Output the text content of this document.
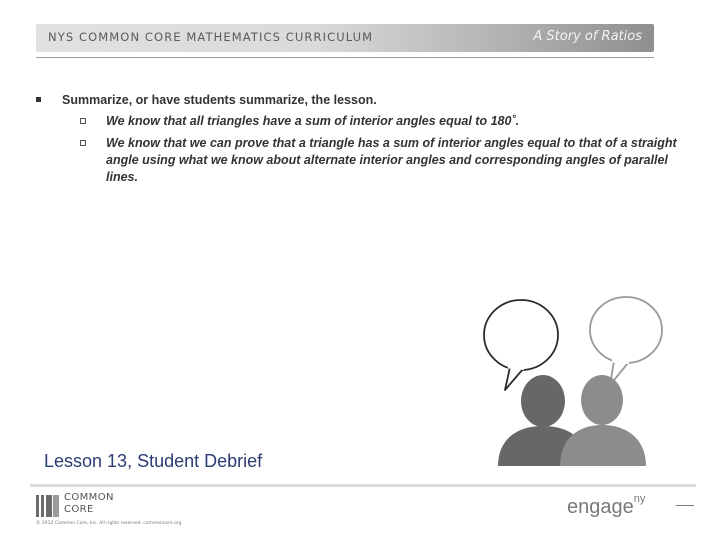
NYS COMMON CORE MATHEMATICS CURRICULUM	A Story of Ratios
Summarize, or have students summarize, the lesson.
We know that all triangles have a sum of interior angles equal to 180˚.
We know that we can prove that a triangle has a sum of interior angles equal to that of a straight angle using what we know about alternate interior angles and corresponding angles of parallel lines.
Lesson 13, Student Debrief
COMMON
CORE
© 2012 Common Core, Inc. All rights reserved. commoncore.org
engage$^{ny}$
